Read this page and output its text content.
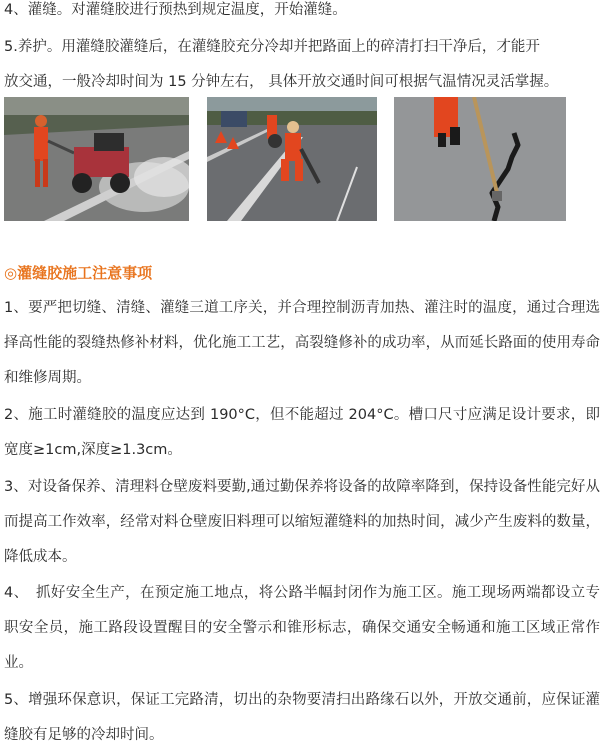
4、灌缝。对灌缝胶进行预热到规定温度，开始灌缝。
5.养护。用灌缝胶灌缝后，在灌缝胶充分冷却并把路面上的碎清打扫干净后，才能开
放交通，一般冷却时间为 15 分钟左右， 具体开放交通时间可根据气温情况灵活掌握。
◎灌缝胶施工注意事项
1、要严把切缝、清缝、灌缝三道工序关，并合理控制沥青加热、灌注时的温度，通过合理选择高性能的裂缝热修补材料，优化施工工艺，高裂缝修补的成功率，从而延长路面的使用寿命和维修周期。
2、施工时灌缝胶的温度应达到 190°C，但不能超过 204°C。槽口尺寸应满足设计要求，即宽度≥1cm,深度≥1.3cm。
3、对设备保养、清理料仓壁废料要勤,通过勤保养将设备的故障率降到，保持设备性能完好从而提高工作效率，经常对料仓壁废旧料理可以缩短灌缝料的加热时间，减少产生废料的数量，降低成本。
4、　抓好安全生产，在预定施工地点，将公路半幅封闭作为施工区。施工现场两端都设立专职安全员，施工路段设置醒目的安全警示和锥形标志，确保交通安全畅通和施工区域正常作业。
5、增强环保意识，保证工完路清，切出的杂物要清扫出路缘石以外，开放交通前，应保证灌缝胶有足够的冷却时间。
